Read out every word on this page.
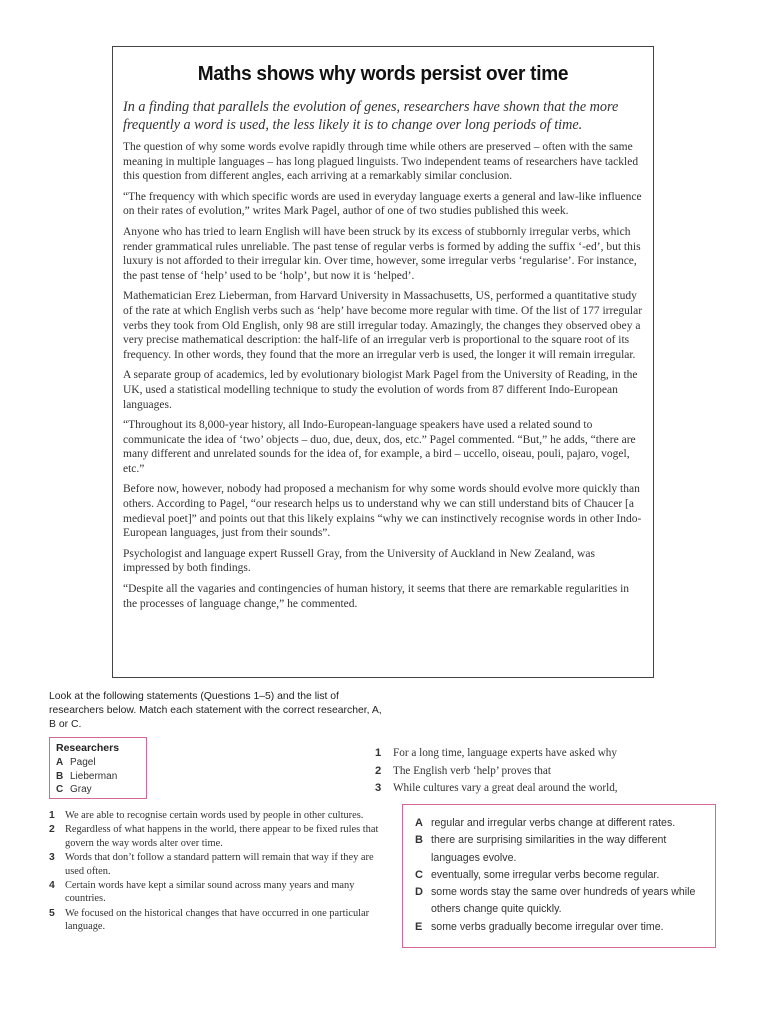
Maths shows why words persist over time

In a finding that parallels the evolution of genes, researchers have shown that the more frequently a word is used, the less likely it is to change over long periods of time.

The question of why some words evolve rapidly through time while others are preserved – often with the same meaning in multiple languages – has long plagued linguists. Two independent teams of researchers have tackled this question from different angles, each arriving at a remarkably similar conclusion.

“The frequency with which specific words are used in everyday language exerts a general and law-like influence on their rates of evolution,” writes Mark Pagel, author of one of two studies published this week.

Anyone who has tried to learn English will have been struck by its excess of stubbornly irregular verbs, which render grammatical rules unreliable. The past tense of regular verbs is formed by adding the suffix ‘-ed’, but this luxury is not afforded to their irregular kin. Over time, however, some irregular verbs ‘regularise’. For instance, the past tense of ‘help’ used to be ‘holp’, but now it is ‘helped’.

Mathematician Erez Lieberman, from Harvard University in Massachusetts, US, performed a quantitative study of the rate at which English verbs such as ‘help’ have become more regular with time. Of the list of 177 irregular verbs they took from Old English, only 98 are still irregular today. Amazingly, the changes they observed obey a very precise mathematical description: the half-life of an irregular verb is proportional to the square root of its frequency. In other words, they found that the more an irregular verb is used, the longer it will remain irregular.

A separate group of academics, led by evolutionary biologist Mark Pagel from the University of Reading, in the UK, used a statistical modelling technique to study the evolution of words from 87 different Indo-European languages.

“Throughout its 8,000-year history, all Indo-European-language speakers have used a related sound to communicate the idea of ‘two’ objects – duo, due, deux, dos, etc.” Pagel commented. “But,” he adds, “there are many different and unrelated sounds for the idea of, for example, a bird – uccello, oiseau, pouli, pajaro, vogel, etc.”

Before now, however, nobody had proposed a mechanism for why some words should evolve more quickly than others. According to Pagel, “our research helps us to understand why we can still understand bits of Chaucer [a medieval poet]” and points out that this likely explains “why we can instinctively recognise words in other Indo-European languages, just from their sounds”.

Psychologist and language expert Russell Gray, from the University of Auckland in New Zealand, was impressed by both findings.

“Despite all the vagaries and contingencies of human history, it seems that there are remarkable regularities in the processes of language change,” he commented.

Look at the following statements (Questions 1–5) and the list of researchers below. Match each statement with the correct researcher, A, B or C.
Researchers
A Pagel
B Lieberman
C Gray
1 We are able to recognise certain words used by people in other cultures.
2 Regardless of what happens in the world, there appear to be fixed rules that govern the way words alter over time.
3 Words that don’t follow a standard pattern will remain that way if they are used often.
4 Certain words have kept a similar sound across many years and many countries.
5 We focused on the historical changes that have occurred in one particular language.
1	For a long time, language experts have asked why
2	The English verb ‘help’ proves that
3	While cultures vary a great deal around the world,
A regular and irregular verbs change at different rates.
B there are surprising similarities in the way different languages evolve.
C eventually, some irregular verbs become regular.
D some words stay the same over hundreds of years while others change quite quickly.
E some verbs gradually become irregular over time.
